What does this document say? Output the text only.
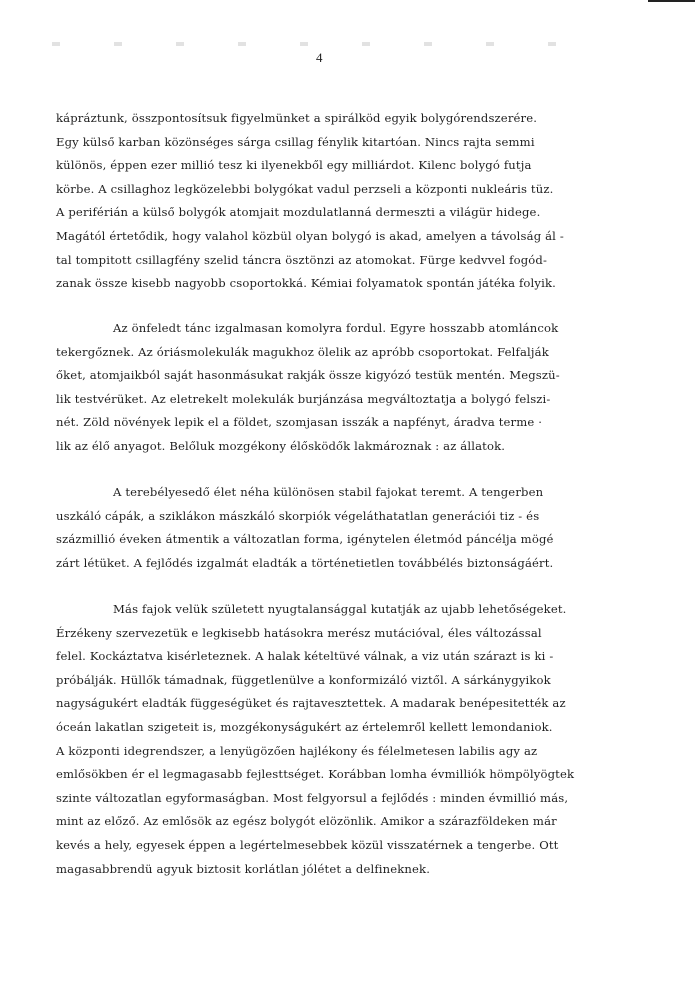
4
kápráztunk, összpontosítsuk figyelmünket a spirálköd egyik bolygórendszerére.
Egy külső karban közönséges sárga csillag fénylik kitartóan. Nincs rajta semmi
különös, éppen ezer millió tesz ki ilyenekből egy milliárdot. Kilenc bolygó futja
körbe. A csillaghoz legközelebbi bolygókat vadul perzseli a központi nukleáris tüz.
A periférián a külső bolygók atomjait mozdulatlanná dermeszti a világür hidege.
Magától értetődik, hogy valahol közbül olyan bolygó is akad, amelyen a távolság ál -
tal tompitott csillagfény szelid táncra ösztönzi az atomokat. Fürge kedvvel fogód-
zanak össze kisebb nagyobb csoportokká. Kémiai folyamatok spontán játéka folyik.
Az önfeledt tánc izgalmasan komolyra fordul. Egyre hosszabb atomláncok
tekergőznek. Az óriásmolekulák magukhoz ölelik az apróbb csoportokat. Felfalják
őket, atomjaikból saját hasonmásukat rakják össze kigyózó testük mentén. Megszü-
lik testvérüket. Az eletrekelt molekulák burjánzása megváltoztatja a bolygó felszi-
nét. Zöld növények lepik el a földet, szomjasan isszák a napfényt, áradva terme ·
lik az élő anyagot. Belőluk mozgékony élősködők lakmároznak : az állatok.
A terebélyesedő élet néha különösen stabil fajokat teremt. A tengerben
uszkáló cápák, a sziklákon mászkáló skorpiók végeláthatatlan generációi tiz - és
százmillió éveken átmentik a változatlan forma, igénytelen életmód páncélja mögé
zárt létüket. A fejlődés izgalmát eladták a történetietlen továbbélés biztonságáért.
Más fajok velük született nyugtalansággal kutatják az ujabb lehetőségeket.
Érzékeny szervezetük e legkisebb hatásokra merész mutációval, éles változással
felel. Kockáztatva kisérleteznek. A halak kételtüvé válnak, a viz után szárazt is ki -
próbálják. Hüllők támadnak, függetlenülve a konformizáló viztől. A sárkánygyikok
nagyságukért eladták függeségüket és rajtavesztettek. A madarak benépesitették az
óceán lakatlan szigeteit is, mozgékonyságukért az értelemről kellett lemondaniok.
A központi idegrendszer, a lenyügözően hajlékony és félelmetesen labilis agy az
emlősökben ér el legmagasabb fejlesttséget. Korábban lomha évmilliók hömpölyögtek
szinte változatlan egyformaságban. Most felgyorsul a fejlődés : minden évmillió más,
mint az előző. Az emlősök az egész bolygót elözönlik. Amikor a szárazföldeken már
kevés a hely, egyesek éppen a legértelmesebbek közül visszatérnek a tengerbe. Ott
magasabbrendü agyuk biztosit korlátlan jólétet a delfineknek.
